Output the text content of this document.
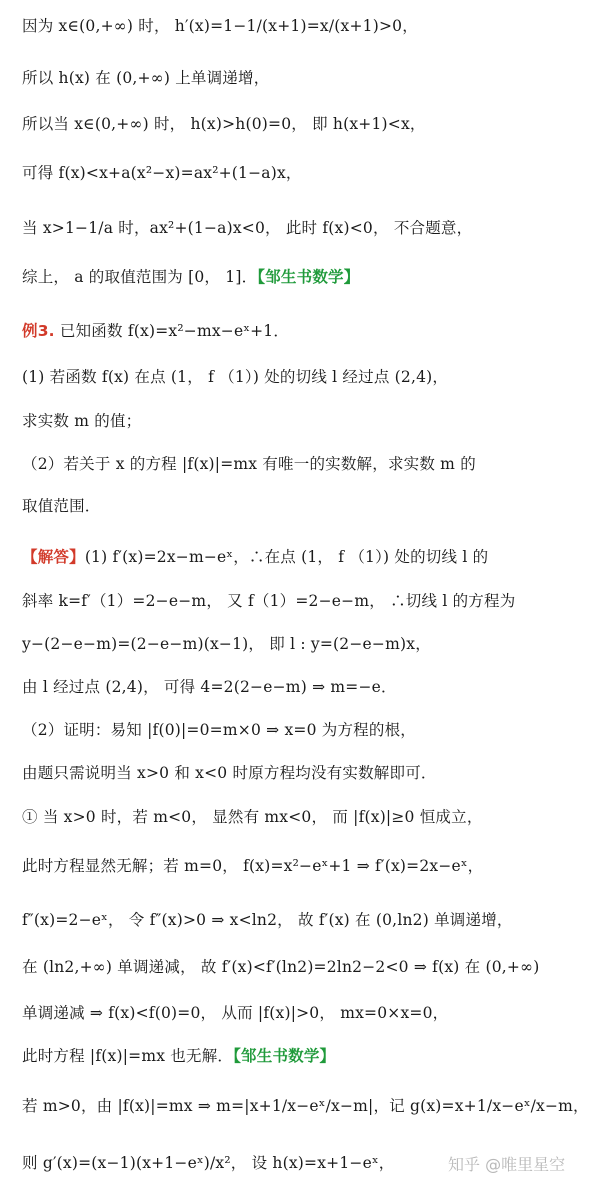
因为 x∈(0,+∞) 时， h′(x)=1−1/(x+1)=x/(x+1)>0，
所以 h(x) 在 (0,+∞) 上单调递增，
所以当 x∈(0,+∞) 时， h(x)>h(0)=0， 即 h(x+1)<x，
可得 f(x)<x+a(x²−x)=ax²+(1−a)x，
当 x>1−1/a 时，ax²+(1−a)x<0， 此时 f(x)<0， 不合题意，
综上， a 的取值范围为 [0， 1]．【邹生书数学】
例3. 已知函数 f(x)=x²−mx−eˣ+1．
(1) 若函数 f(x) 在点 (1， f （1）) 处的切线 l 经过点 (2,4)，
求实数 m 的值；
（2）若关于 x 的方程 |f(x)|=mx 有唯一的实数解，求实数 m 的
取值范围．
【解答】(1) f′(x)=2x−m−eˣ，∴在点 (1， f （1）) 处的切线 l 的
斜率 k=f′（1）=2−e−m， 又 f（1）=2−e−m， ∴切线 l 的方程为
y−(2−e−m)=(2−e−m)(x−1)， 即 l : y=(2−e−m)x，
由 l 经过点 (2,4)， 可得 4=2(2−e−m) ⇒ m=−e．
（2）证明：易知 |f(0)|=0=m×0 ⇒ x=0 为方程的根，
由题只需说明当 x>0 和 x<0 时原方程均没有实数解即可．
① 当 x>0 时，若 m<0， 显然有 mx<0， 而 |f(x)|≥0 恒成立，
此时方程显然无解；若 m=0， f(x)=x²−eˣ+1 ⇒ f′(x)=2x−eˣ，
f″(x)=2−eˣ， 令 f″(x)>0 ⇒ x<ln2， 故 f′(x) 在 (0,ln2) 单调递增，
在 (ln2,+∞) 单调递减， 故 f′(x)<f′(ln2)=2ln2−2<0 ⇒ f(x) 在 (0,+∞)
单调递减 ⇒ f(x)<f(0)=0， 从而 |f(x)|>0， mx=0×x=0，
此时方程 |f(x)|=mx 也无解．【邹生书数学】
若 m>0，由 |f(x)|=mx ⇒ m=|x+1/x−eˣ/x−m|，记 g(x)=x+1/x−eˣ/x−m，
则 g′(x)=(x−1)(x+1−eˣ)/x²， 设 h(x)=x+1−eˣ，	知乎 @唯里星空
